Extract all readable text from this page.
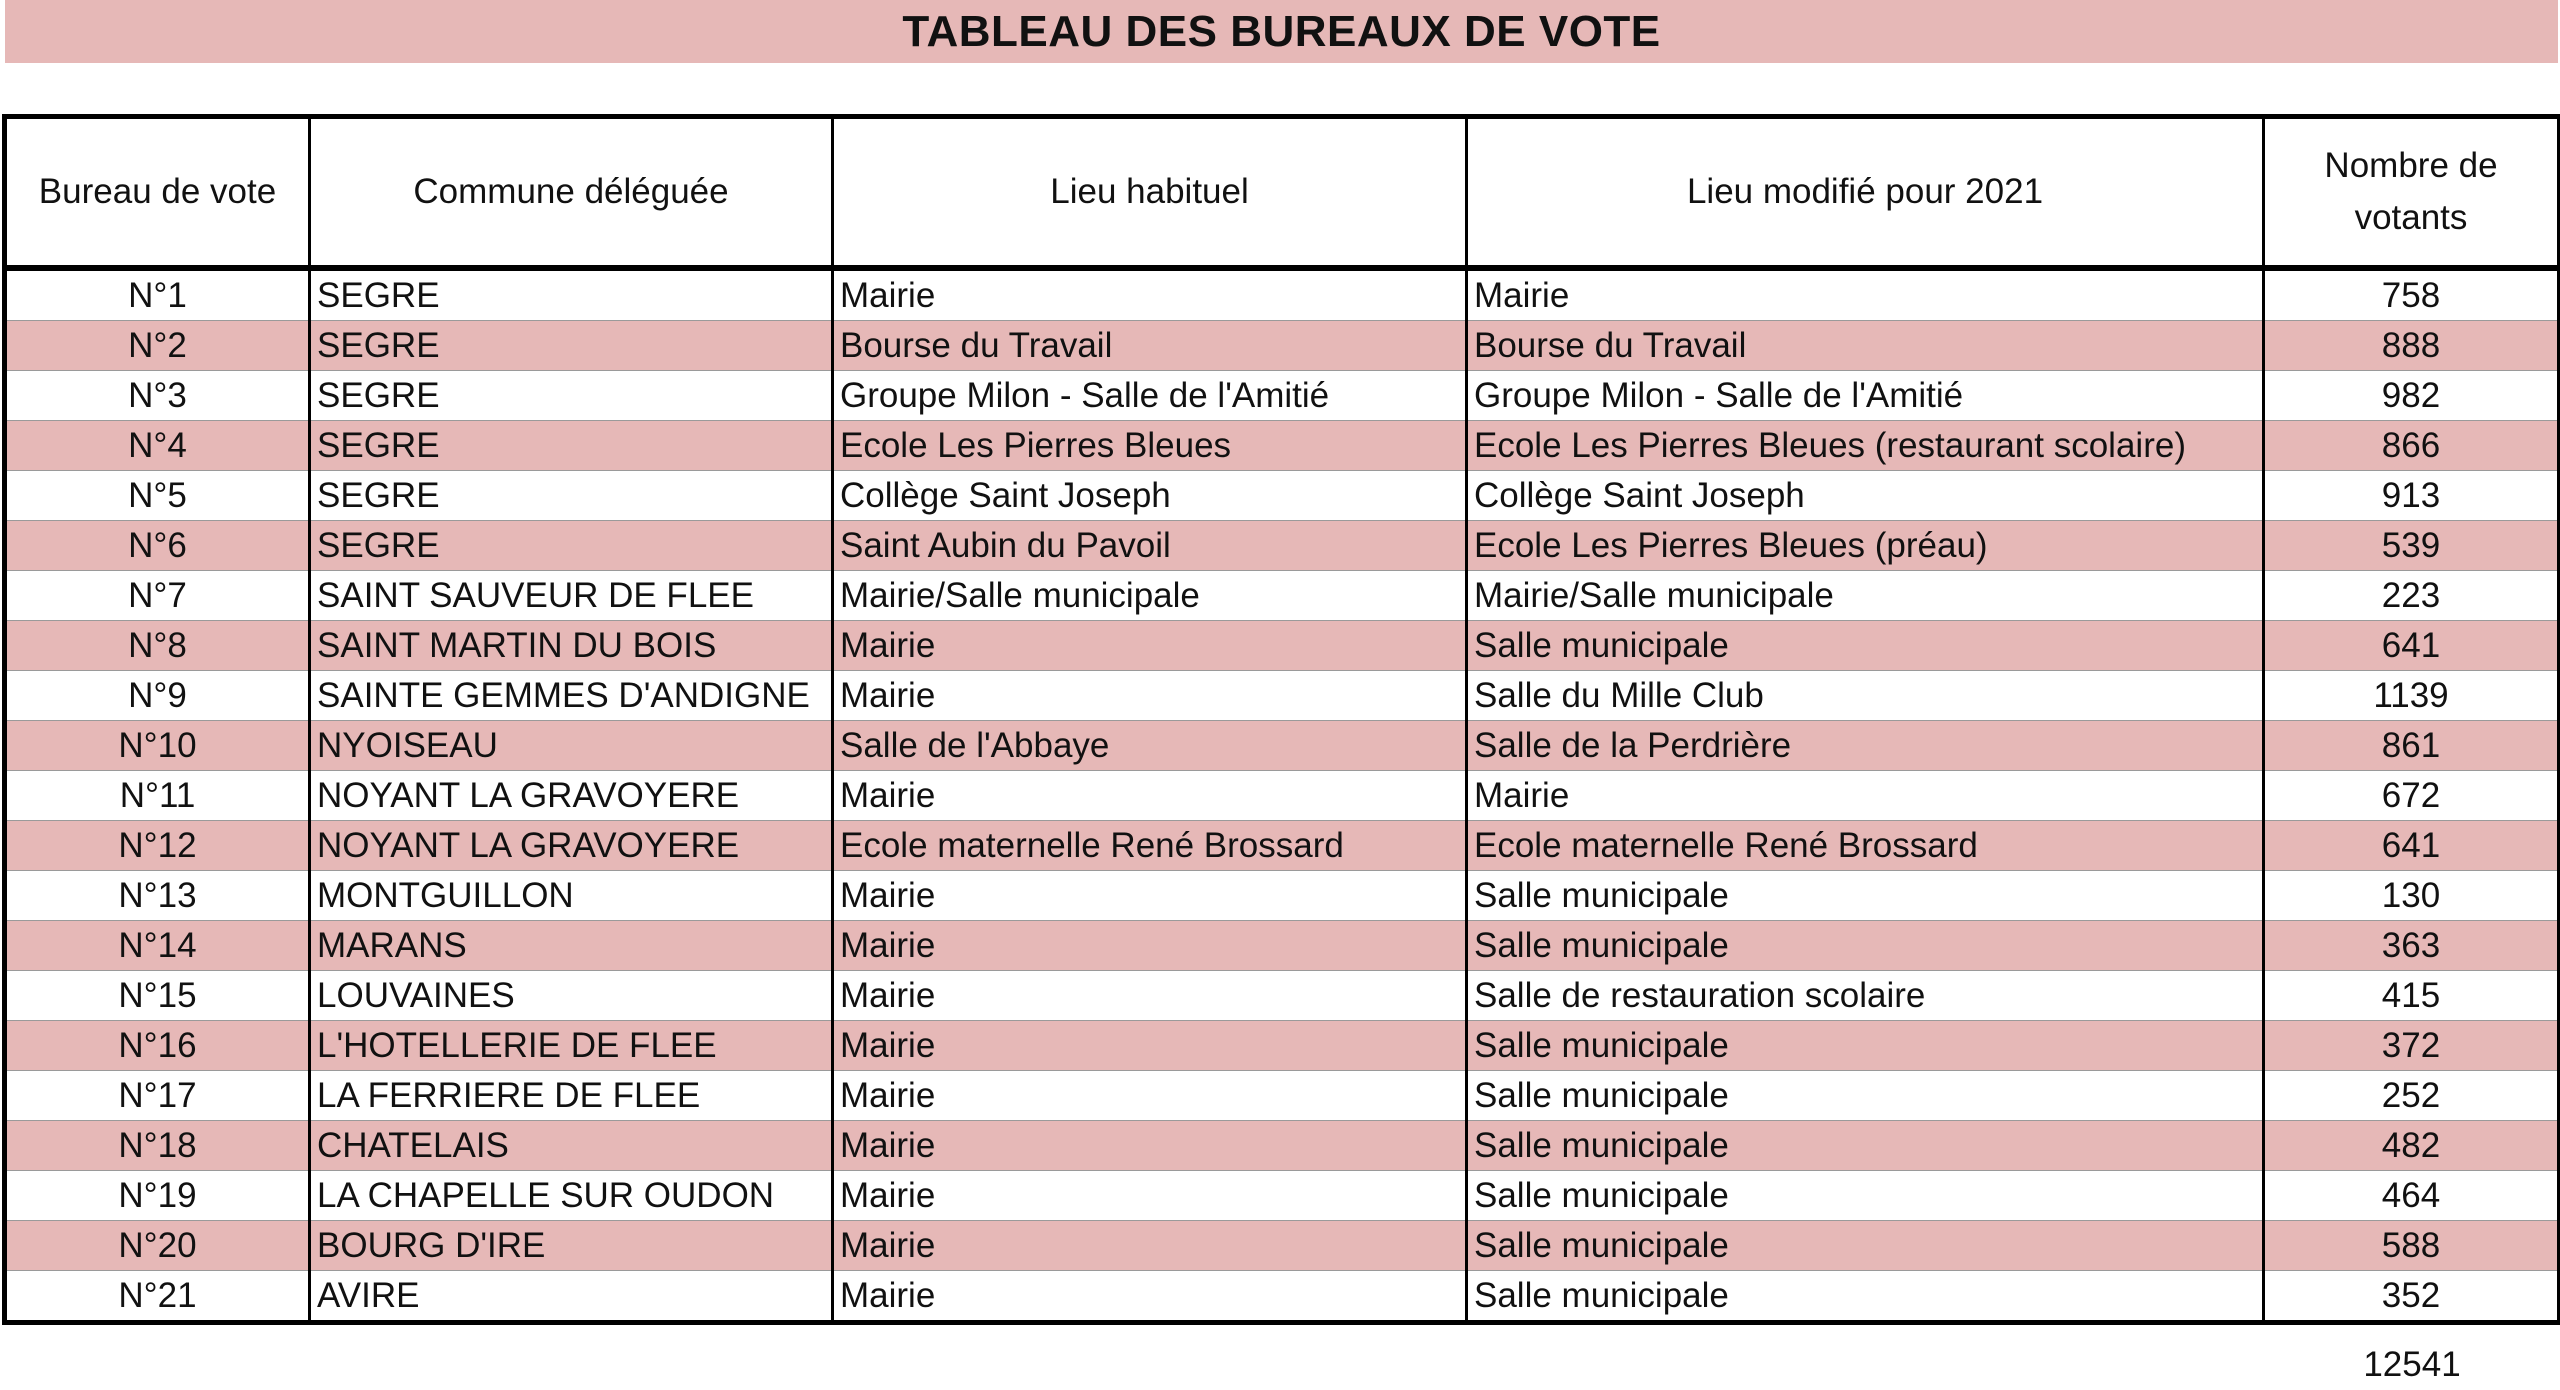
TABLEAU DES BUREAUX DE VOTE
Bureau de vote	Commune déléguée	Lieu habituel	Lieu modifié pour 2021	Nombre de
votants
N°1	SEGRE	Mairie	Mairie	758
N°2	SEGRE	Bourse du Travail	Bourse du Travail	888
N°3	SEGRE	Groupe Milon - Salle de l'Amitié	Groupe Milon - Salle de l'Amitié	982
N°4	SEGRE	Ecole Les Pierres Bleues	Ecole Les Pierres Bleues (restaurant scolaire)	866
N°5	SEGRE	Collège Saint Joseph	Collège Saint Joseph	913
N°6	SEGRE	Saint Aubin du Pavoil	Ecole Les Pierres Bleues (préau)	539
N°7	SAINT SAUVEUR DE FLEE	Mairie/Salle municipale	Mairie/Salle municipale	223
N°8	SAINT MARTIN DU BOIS	Mairie	Salle municipale	641
N°9	SAINTE GEMMES D'ANDIGNE	Mairie	Salle du Mille Club	1139
N°10	NYOISEAU	Salle de l'Abbaye	Salle de la Perdrière	861
N°11	NOYANT LA GRAVOYERE	Mairie	Mairie	672
N°12	NOYANT LA GRAVOYERE	Ecole maternelle René Brossard	Ecole maternelle René Brossard	641
N°13	MONTGUILLON	Mairie	Salle municipale	130
N°14	MARANS	Mairie	Salle municipale	363
N°15	LOUVAINES	Mairie	Salle de restauration scolaire	415
N°16	L'HOTELLERIE DE FLEE	Mairie	Salle municipale	372
N°17	LA FERRIERE DE FLEE	Mairie	Salle municipale	252
N°18	CHATELAIS	Mairie	Salle municipale	482
N°19	LA CHAPELLE SUR OUDON	Mairie	Salle municipale	464
N°20	BOURG D'IRE	Mairie	Salle municipale	588
N°21	AVIRE	Mairie	Salle municipale	352
12541
